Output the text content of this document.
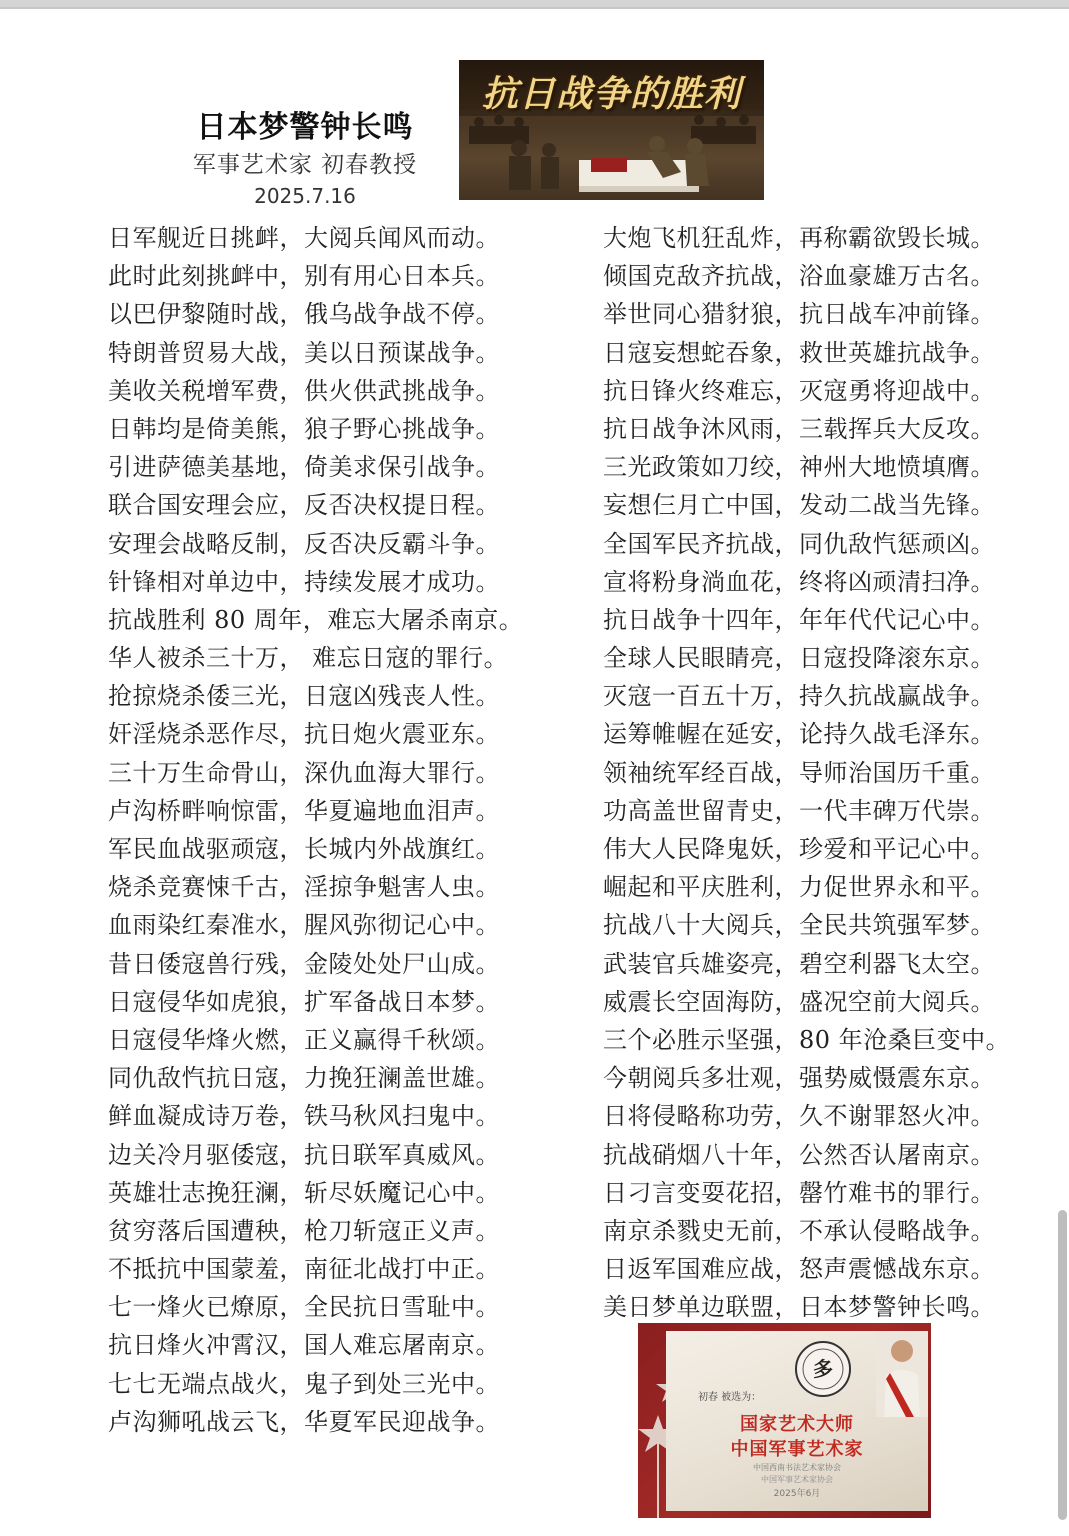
日本梦警钟长鸣
军事艺术家 初春教授
2025.7.16
抗日战争的胜利
日军舰近日挑衅，大阅兵闻风而动。
此时此刻挑衅中，别有用心日本兵。
以巴伊黎随时战，俄乌战争战不停。
特朗普贸易大战，美以日预谋战争。
美收关税增军费，供火供武挑战争。
日韩均是倚美熊，狼子野心挑战争。
引进萨德美基地，倚美求保引战争。
联合国安理会应，反否决权提日程。
安理会战略反制，反否决反霸斗争。
针锋相对单边中，持续发展才成功。
抗战胜利 80 周年，难忘大屠杀南京。
华人被杀三十万， 难忘日寇的罪行。
抢掠烧杀倭三光，日寇凶残丧人性。
奸淫烧杀恶作尽，抗日炮火震亚东。
三十万生命骨山，深仇血海大罪行。
卢沟桥畔响惊雷，华夏遍地血泪声。
军民血战驱顽寇，长城内外战旗红。
烧杀竞赛悚千古，淫掠争魁害人虫。
血雨染红秦准水，腥风弥彻记心中。
昔日倭寇兽行残，金陵处处尸山成。
日寇侵华如虎狼，扩军备战日本梦。
日寇侵华烽火燃，正义赢得千秋颂。
同仇敌忾抗日寇，力挽狂澜盖世雄。
鲜血凝成诗万卷，铁马秋风扫鬼中。
边关冷月驱倭寇，抗日联军真威风。
英雄壮志挽狂澜，斩尽妖魔记心中。
贫穷落后国遭秧，枪刀斩寇正义声。
不抵抗中国蒙羞，南征北战打中正。
七一烽火已燎原，全民抗日雪耻中。
抗日烽火冲霄汉，国人难忘屠南京。
七七无端点战火，鬼子到处三光中。
卢沟狮吼战云飞，华夏军民迎战争。
大炮飞机狂乱炸，再称霸欲毁长城。
倾国克敌齐抗战，浴血豪雄万古名。
举世同心猎豺狼，抗日战车冲前锋。
日寇妄想蛇吞象，救世英雄抗战争。
抗日锋火终难忘，灭寇勇将迎战中。
抗日战争沐风雨，三载挥兵大反攻。
三光政策如刀绞，神州大地愤填膺。
妄想仨月亡中国，发动二战当先锋。
全国军民齐抗战，同仇敌忾惩顽凶。
宣将粉身淌血花，终将凶顽清扫净。
抗日战争十四年，年年代代记心中。
全球人民眼睛亮，日寇投降滚东京。
灭寇一百五十万，持久抗战赢战争。
运筹帷幄在延安，论持久战毛泽东。
领袖统军经百战，导师治国历千重。
功高盖世留青史，一代丰碑万代崇。
伟大人民降鬼妖，珍爱和平记心中。
崛起和平庆胜利，力促世界永和平。
抗战八十大阅兵，全民共筑强军梦。
武装官兵雄姿亮，碧空利器飞太空。
威震长空固海防，盛况空前大阅兵。
三个必胜示坚强，80 年沧桑巨变中。
今朝阅兵多壮观，强势威慑震东京。
日将侵略称功劳，久不谢罪怒火冲。
抗战硝烟八十年，公然否认屠南京。
日刁言变耍花招，罄竹难书的罪行。
南京杀戮史无前，不承认侵略战争。
日返军国难应战，怒声震憾战东京。
美日梦单边联盟，日本梦警钟长鸣。
多
初春 被选为：
国家艺术大师
中国军事艺术家
中国西南书法艺术家协会
中国军事艺术家协会
2025年6月
